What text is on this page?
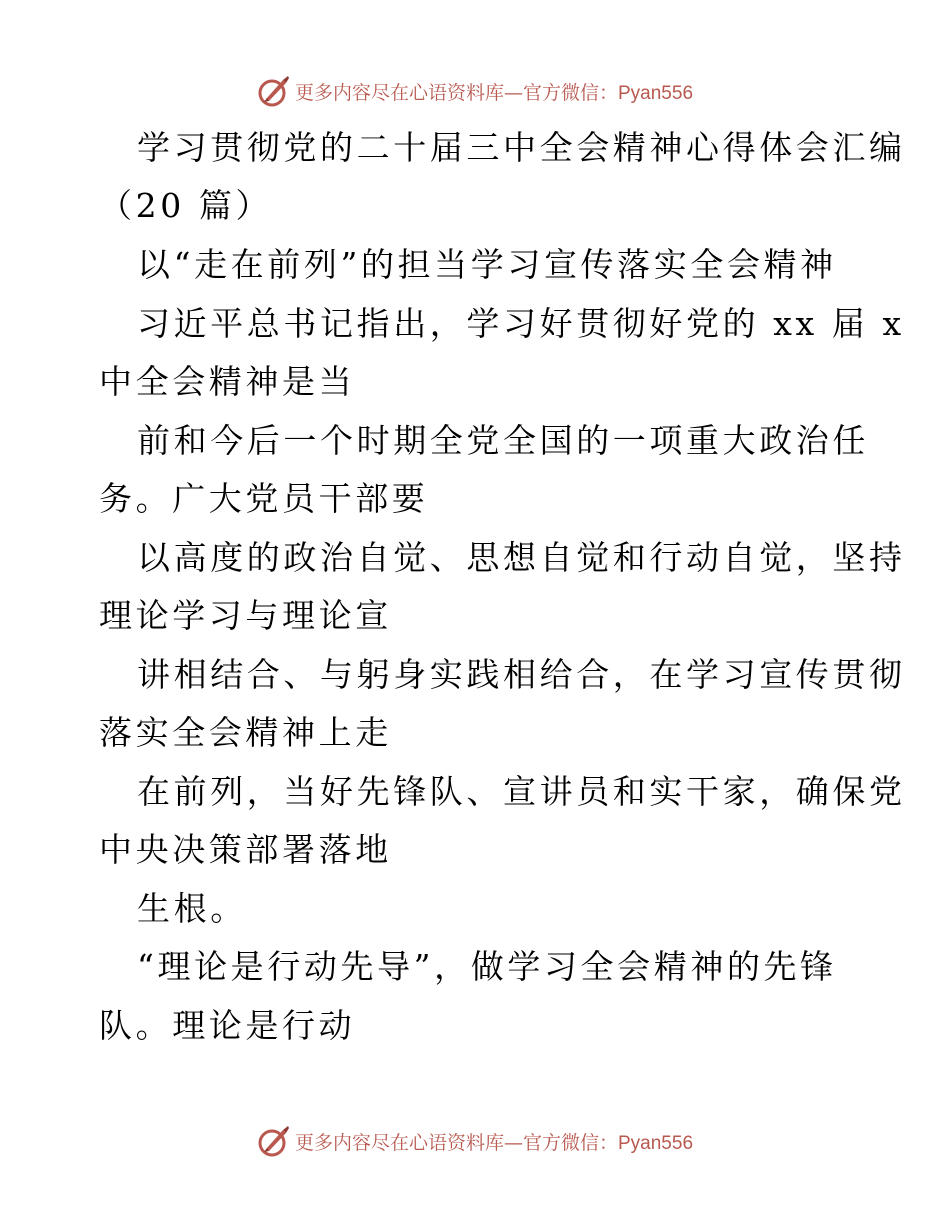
更多内容尽在心语资料库—官方微信：Pyan556
学习贯彻党的二十届三中全会精神心得体会汇编
（20 篇）
以“走在前列”的担当学习宣传落实全会精神
习近平总书记指出，学习好贯彻好党的 xx 届 x
中全会精神是当
前和今后一个时期全党全国的一项重大政治任
务。广大党员干部要
以高度的政治自觉、思想自觉和行动自觉，坚持
理论学习与理论宣
讲相结合、与躬身实践相给合，在学习宣传贯彻
落实全会精神上走
在前列，当好先锋队、宣讲员和实干家，确保党
中央决策部署落地
生根。
“理论是行动先导”，做学习全会精神的先锋
队。理论是行动
更多内容尽在心语资料库—官方微信：Pyan556
